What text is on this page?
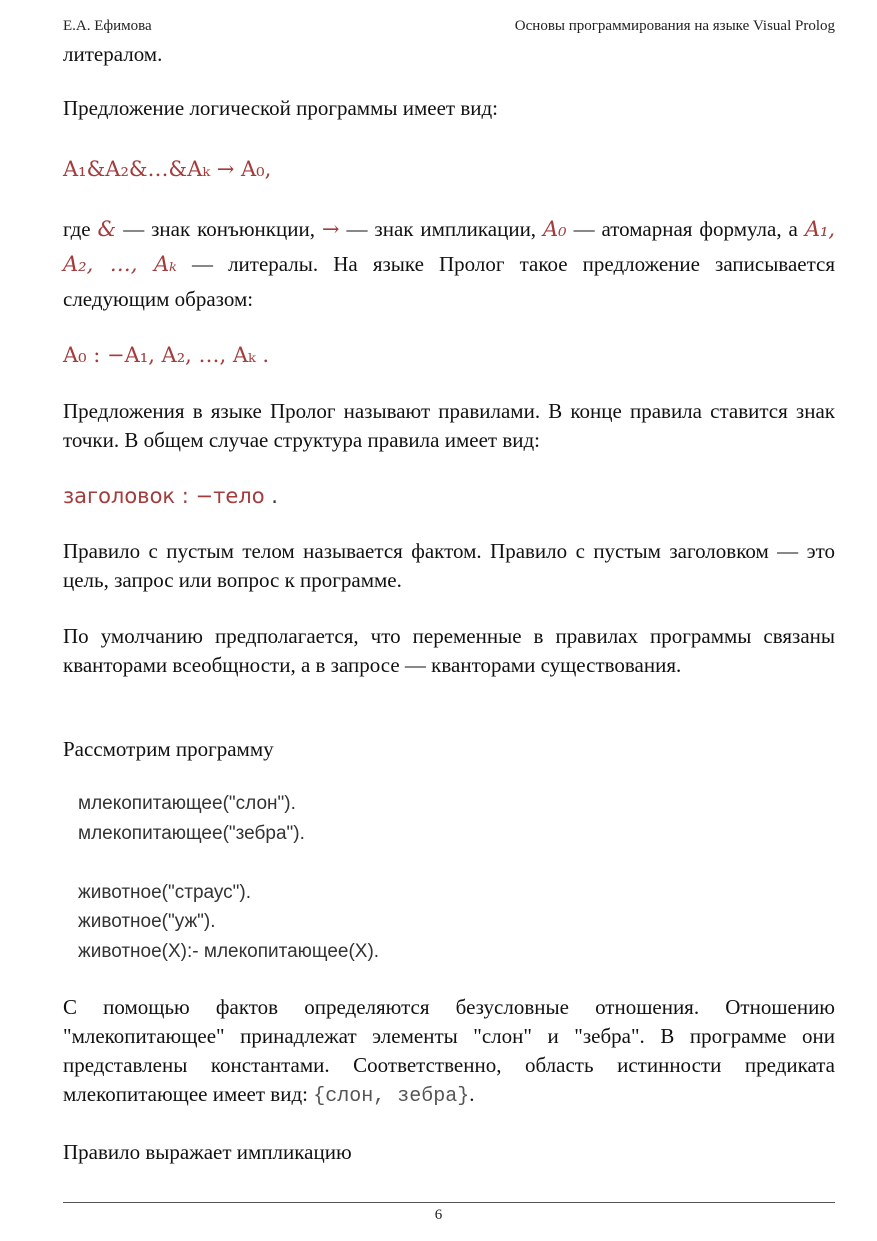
Е.А. Ефимова	Основы программирования на языке Visual Prolog
литералом.
Предложение логической программы имеет вид:
A₁&A₂&…&Aₖ → A₀,
где & — знак конъюнкции, → — знак импликации, A₀ — атомарная формула, а A₁, A₂, …, Aₖ — литералы. На языке Пролог такое предложение записывается следующим образом:
A₀ : −A₁, A₂, …, Aₖ .
Предложения в языке Пролог называют правилами. В конце правила ставится знак точки. В общем случае структура правила имеет вид:
заголовок : −тело .
Правило с пустым телом называется фактом. Правило с пустым заголовком — это цель, запрос или вопрос к программе.
По умолчанию предполагается, что переменные в правилах программы связаны кванторами всеобщности, а в запросе — кванторами существования.
Рассмотрим программу
млекопитающее("слон").
млекопитающее("зебра").
животное("страус").
животное("уж").
животное(X):- млекопитающее(X).
С помощью фактов определяются безусловные отношения. Отношению "млекопитающее" принадлежат элементы "слон" и "зебра". В программе они представлены константами. Соответственно, область истинности предиката млекопитающее имеет вид: {слон, зебра}.
Правило выражает импликацию
6
